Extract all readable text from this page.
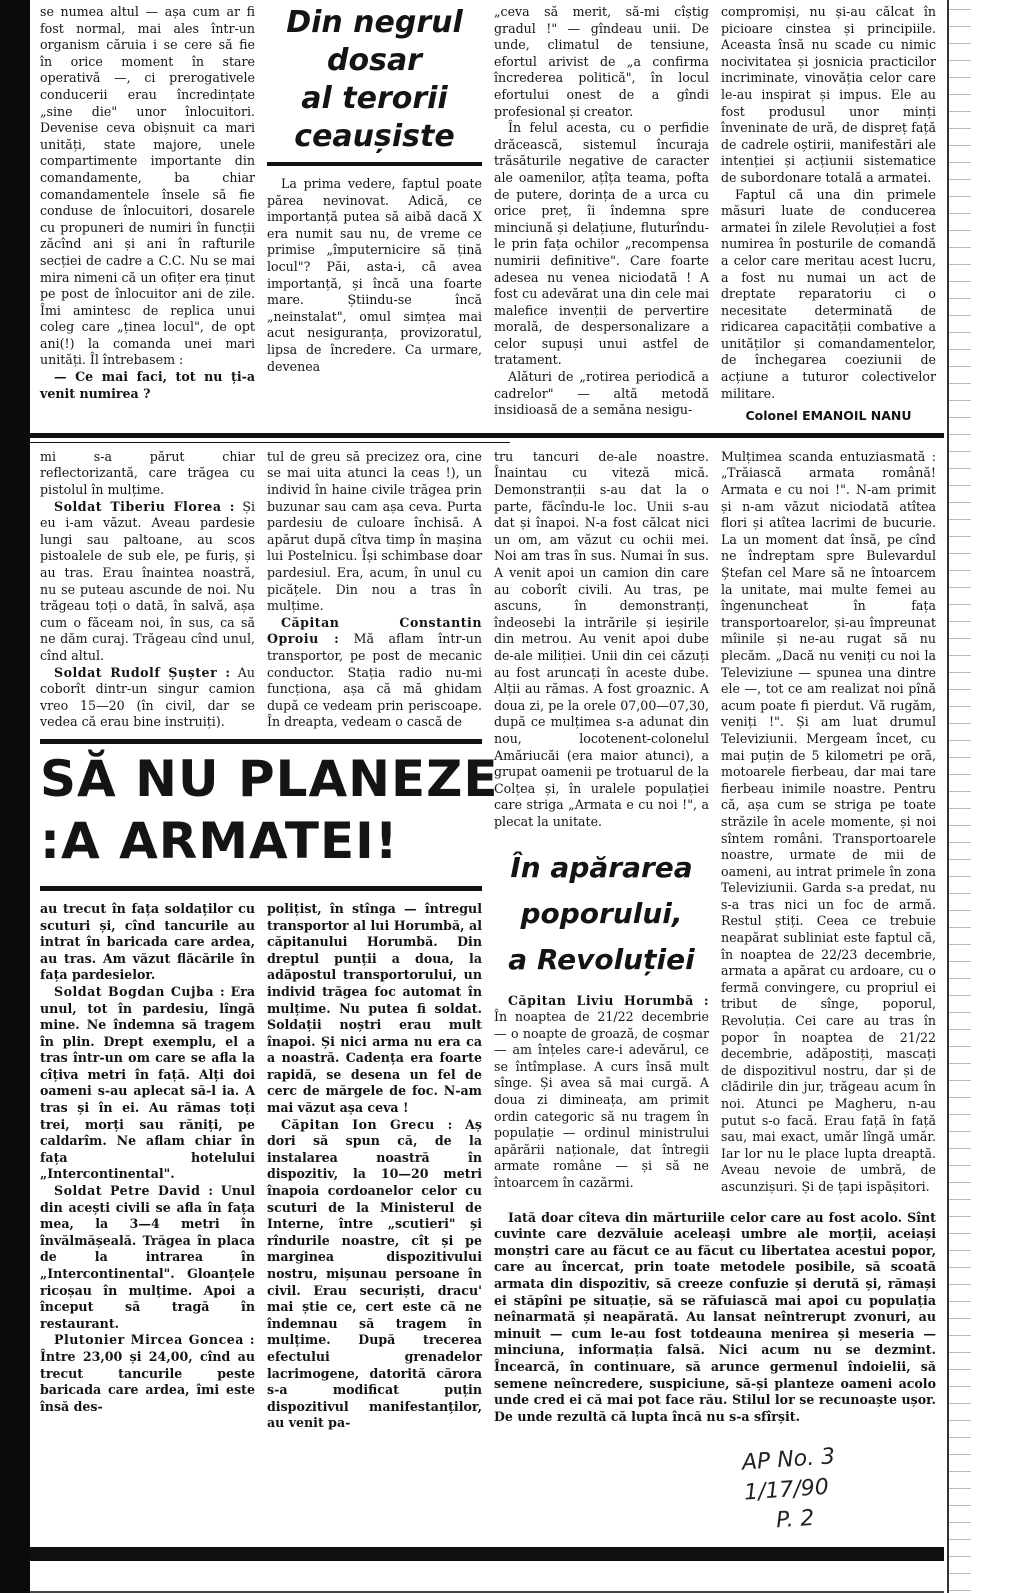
se numea altul — așa cum ar fi fost normal, mai ales într-un organism căruia i se cere să fie în orice moment în stare operativă —, ci prerogativele conducerii erau încredințate „sine die" unor înlocuitori. Devenise ceva obișnuit ca mari unități, state majore, unele compartimente importante din comandamente, ba chiar comandamentele însele să fie conduse de înlocuitori, dosarele cu propuneri de numiri în funcții zăcînd ani și ani în rafturile secției de cadre a C.C. Nu se mai mira nimeni că un ofițer era ținut pe post de înlocuitor ani de zile. Îmi amintesc de replica unui coleg care „ținea locul", de opt ani(!) la comanda unei mari unități. Îl întrebasem :

— Ce mai faci, tot nu ți-a venit numirea ?

Din negrul
dosar
al terorii
ceaușiste

La prima vedere, faptul poate părea nevinovat. Adică, ce importanță putea să aibă dacă X era numit sau nu, de vreme ce primise „împuternicire să țină locul"? Păi, asta-i, că avea importanță, și încă una foarte mare. Știindu-se încă „neinstalat", omul simțea mai acut nesiguranța, provizoratul, lipsa de încredere. Ca urmare, devenea

„ceva să merit, să-mi cîștig gradul !" — gîndeau unii. De unde, climatul de tensiune, efortul arivist de „a confirma încrederea politică", în locul efortului onest de a gîndi profesional și creator.

În felul acesta, cu o perfidie drăcească, sistemul încuraja trăsăturile negative de caracter ale oamenilor, ațîța teama, pofta de putere, dorința de a urca cu orice preț, îi îndemna spre minciună și delațiune, fluturîndu-le prin fața ochilor „recompensa numirii definitive". Care foarte adesea nu venea niciodată ! A fost cu adevărat una din cele mai malefice invenții de pervertire morală, de despersonalizare a celor supuși unui astfel de tratament.

Alături de „rotirea periodică a cadrelor" — altă metodă insidioasă de a semăna nesigu-

compromiși, nu și-au călcat în picioare cinstea și principiile. Aceasta însă nu scade cu nimic nocivitatea și josnicia practicilor incriminate, vinovăția celor care le-au inspirat și impus. Ele au fost produsul unor minți înveninate de ură, de dispreț față de cadrele oștirii, manifestări ale intenției și acțiunii sistematice de subordonare totală a armatei.

Faptul că una din primele măsuri luate de conducerea armatei în zilele Revoluției a fost numirea în posturile de comandă a celor care meritau acest lucru, a fost nu numai un act de dreptate reparatoriu ci o necesitate determinată de ridicarea capacității combative a unităților și comandamentelor, de închegarea coeziunii de acțiune a tuturor colectivelor militare.

Colonel EMANOIL NANU

mi s-a părut chiar reflectorizantă, care trăgea cu pistolul în mulțime.

Soldat Tiberiu Florea : Și eu i-am văzut. Aveau pardesie lungi sau paltoane, au scos pistoalele de sub ele, pe furiș, și au tras. Erau înaintea noastră, nu se puteau ascunde de noi. Nu trăgeau toți o dată, în salvă, așa cum o făceam noi, în sus, ca să ne dăm curaj. Trăgeau cînd unul, cînd altul.

Soldat Rudolf Șușter : Au coborît dintr-un singur camion vreo 15—20 (în civil, dar se vedea că erau bine instruiți).

tul de greu să precizez ora, cine se mai uita atunci la ceas !), un individ în haine civile trăgea prin buzunar sau cam așa ceva. Purta pardesiu de culoare închisă. A apărut după cîtva timp în mașina lui Postelnicu. Își schimbase doar pardesiul. Era, acum, în unul cu picățele. Din nou a tras în mulțime.

Căpitan Constantin Oproiu : Mă aflam într-un transportor, pe post de mecanic conductor. Stația radio nu-mi funcționa, așa că mă ghidam după ce vedeam prin periscoape. În dreapta, vedeam o cască de

SĂ NU PLANEZE
:A ARMATEI!

au trecut în fața soldaților cu scuturi și, cînd tancurile au intrat în baricada care ardea, au tras. Am văzut flăcările în fața pardesielor.

Soldat Bogdan Cujba : Era unul, tot în pardesiu, lîngă mine. Ne îndemna să tragem în plin. Drept exemplu, el a tras într-un om care se afla la cîțiva metri în față. Alți doi oameni s-au aplecat să-l ia. A tras și în ei. Au rămas toți trei, morți sau răniți, pe caldarîm. Ne aflam chiar în fața hotelului „Intercontinental".

Soldat Petre David : Unul din acești civili se afla în fața mea, la 3—4 metri în învălmășeală. Trăgea în placa de la intrarea în „Intercontinental". Gloanțele ricoșau în mulțime. Apoi a început să tragă în restaurant.

Plutonier Mircea Goncea : Între 23,00 și 24,00, cînd au trecut tancurile peste baricada care ardea, îmi este însă des-

polițist, în stînga — întregul transportor al lui Horumbă, al căpitanului Horumbă. Din dreptul punții a doua, la adăpostul transportorului, un individ trăgea foc automat în mulțime. Nu putea fi soldat. Soldații noștri erau mult înapoi. Și nici arma nu era ca a noastră. Cadența era foarte rapidă, se desena un fel de cerc de mărgele de foc. N-am mai văzut așa ceva !

Căpitan Ion Grecu : Aș dori să spun că, de la instalarea noastră în dispozitiv, la 10—20 metri înapoia cordoanelor celor cu scuturi de la Ministerul de Interne, între „scutieri" și rîndurile noastre, cît și pe marginea dispozitivului nostru, mișunau persoane în civil. Erau securiști, dracu' mai știe ce, cert este că ne îndemnau să tragem în mulțime. După trecerea efectului grenadelor lacrimogene, datorită cărora s-a modificat puțin dispozitivul manifestanților, au venit pa-

tru tancuri de-ale noastre. Înaintau cu viteză mică. Demonstranții s-au dat la o parte, făcîndu-le loc. Unii s-au dat și înapoi. N-a fost călcat nici un om, am văzut cu ochii mei. Noi am tras în sus. Numai în sus. A venit apoi un camion din care au coborît civili. Au tras, pe ascuns, în demonstranți, îndeosebi la intrările și ieșirile din metrou. Au venit apoi dube de-ale miliției. Unii din cei căzuți au fost aruncați în aceste dube. Alții au rămas. A fost groaznic. A doua zi, pe la orele 07,00—07,30, după ce mulțimea s-a adunat din nou, locotenent-colonelul Amăriucăi (era maior atunci), a grupat oamenii pe trotuarul de la Colțea și, în uralele populației care striga „Armata e cu noi !", a plecat la unitate.

În apărarea
poporului,
a Revoluției

Căpitan Liviu Horumbă : În noaptea de 21/22 decembrie — o noapte de groază, de coșmar — am înțeles care-i adevărul, ce se întîmplase. A curs însă mult sînge. Și avea să mai curgă. A doua zi dimineața, am primit ordin categoric să nu tragem în populație — ordinul ministrului apărării naționale, dat întregii armate române — și să ne întoarcem în cazărmi.

Mulțimea scanda entuziasmată : „Trăiască armata română! Armata e cu noi !". N-am primit și n-am văzut niciodată atîtea flori și atîtea lacrimi de bucurie. La un moment dat însă, pe cînd ne îndreptam spre Bulevardul Ștefan cel Mare să ne întoarcem la unitate, mai multe femei au îngenuncheat în fața transportoarelor, și-au împreunat mîinile și ne-au rugat să nu plecăm. „Dacă nu veniți cu noi la Televiziune — spunea una dintre ele —, tot ce am realizat noi pînă acum poate fi pierdut. Vă rugăm, veniți !". Și am luat drumul Televiziunii. Mergeam încet, cu mai puțin de 5 kilometri pe oră, motoarele fierbeau, dar mai tare fierbeau inimile noastre. Pentru că, așa cum se striga pe toate străzile în acele momente, și noi sîntem români. Transportoarele noastre, urmate de mii de oameni, au intrat primele în zona Televiziunii. Garda s-a predat, nu s-a tras nici un foc de armă. Restul știți. Ceea ce trebuie neapărat subliniat este faptul că, în noaptea de 22/23 decembrie, armata a apărat cu ardoare, cu o fermă convingere, cu propriul ei tribut de sînge, poporul, Revoluția. Cei care au tras în popor în noaptea de 21/22 decembrie, adăpostiți, mascați de dispozitivul nostru, dar și de clădirile din jur, trăgeau acum în noi. Atunci pe Magheru, n-au putut s-o facă. Erau față în față sau, mai exact, umăr lîngă umăr. Iar lor nu le place lupta dreaptă. Aveau nevoie de umbră, de ascunzișuri. Și de țapi ispășitori.

Iată doar cîteva din mărturiile celor care au fost acolo. Sînt cuvinte care dezvăluie aceleași umbre ale morții, aceiași monștri care au făcut ce au făcut cu libertatea acestui popor, care au încercat, prin toate metodele posibile, să scoată armata din dispozitiv, să creeze confuzie și derută și, rămași ei stăpîni pe situație, să se răfuiască mai apoi cu populația neînarmată și neapărată. Au lansat neîntrerupt zvonuri, au minuit — cum le-au fost totdeauna menirea și meseria — minciuna, informația falsă. Nici acum nu se dezmint. Încearcă, în continuare, să arunce germenul îndoielii, să semene neîncredere, suspiciune, să-și planteze oameni acolo unde cred ei că mai pot face rău. Stilul lor se recunoaște ușor. De unde rezultă că lupta încă nu s-a sfîrșit.

AP No. 3
1/17/90
P. 2
